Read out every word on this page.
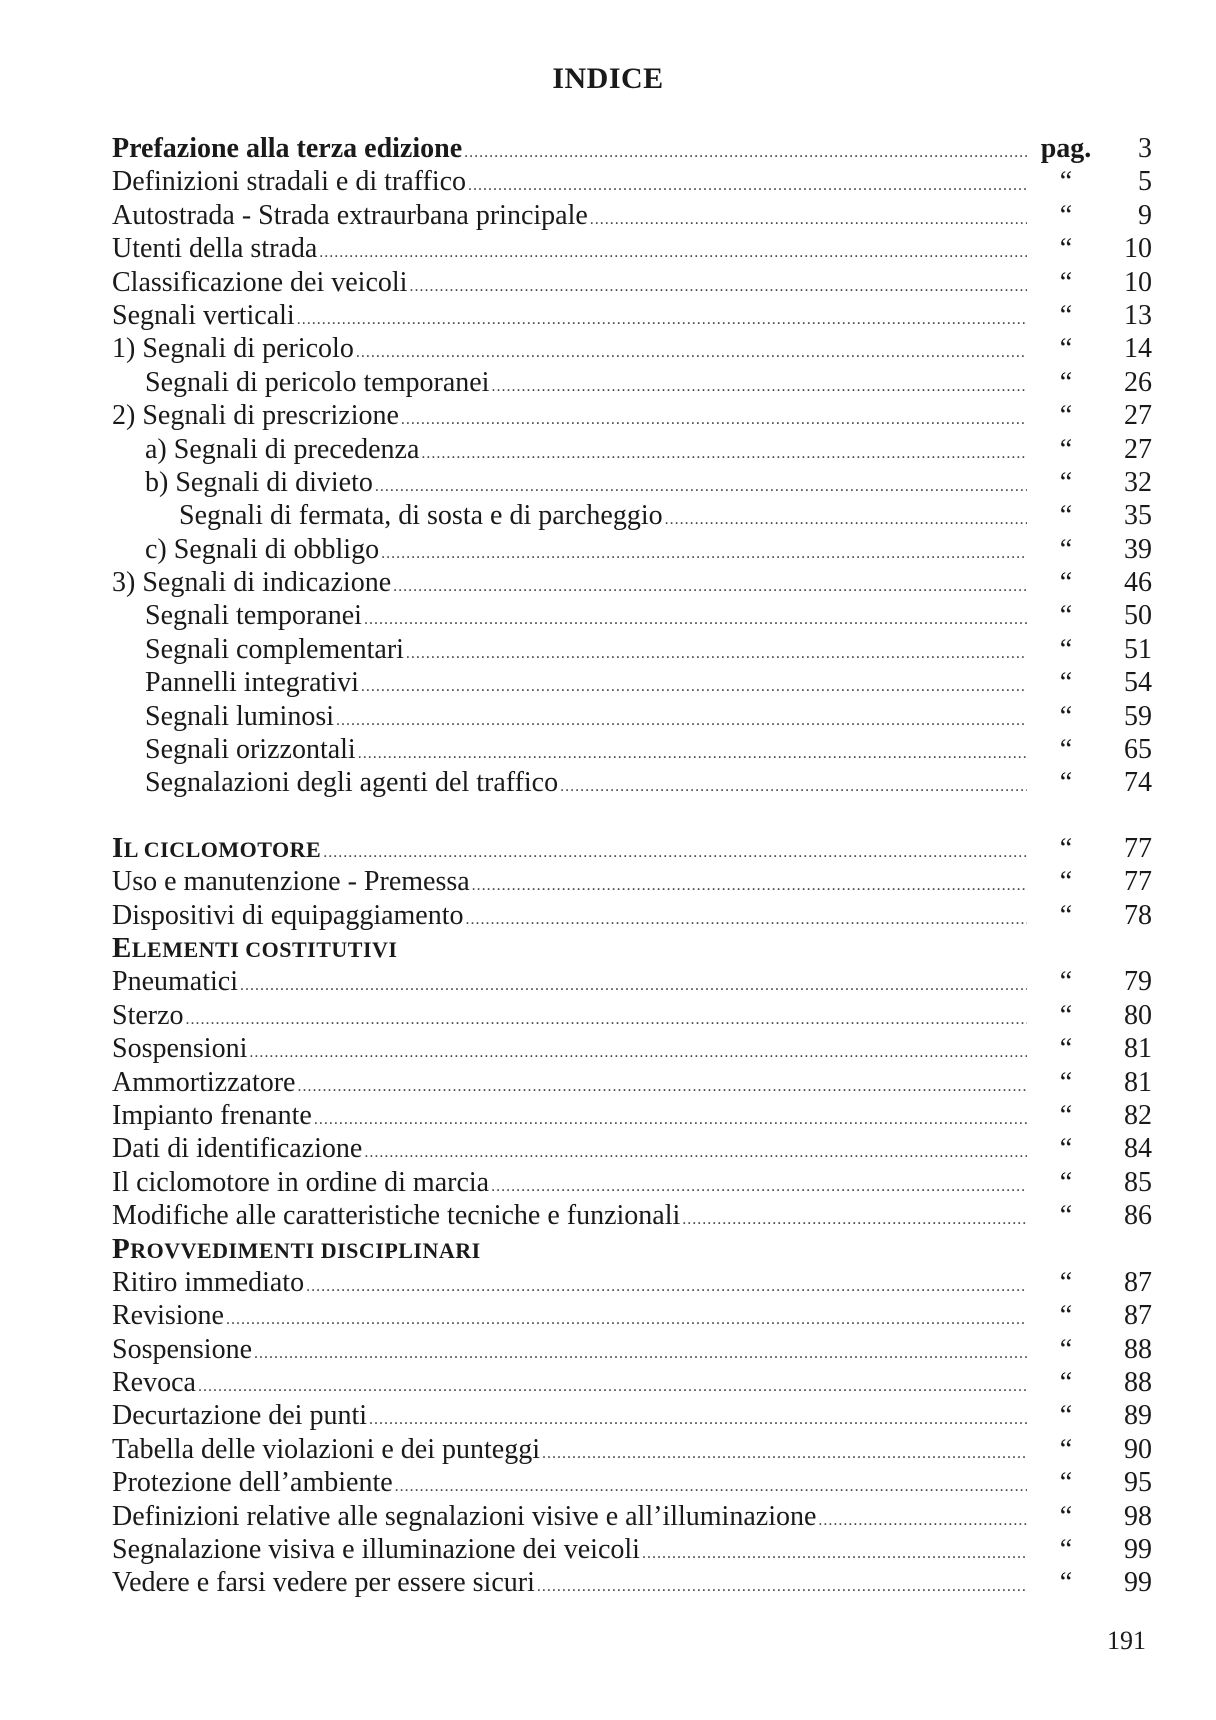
INDICE
Prefazione alla terza edizione .....	pag.	3
Definizioni stradali e di traffico .....	“	5
Autostrada - Strada extraurbana principale .....	“	9
Utenti della strada .....	“	10
Classificazione dei veicoli .....	“	10
Segnali verticali .....	“	13
1) Segnali di pericolo .....	“	14
Segnali di pericolo temporanei .....	“	26
2) Segnali di prescrizione .....	“	27
a) Segnali di precedenza .....	“	27
b) Segnali di divieto .....	“	32
Segnali di fermata, di sosta e di parcheggio .....	“	35
c) Segnali di obbligo .....	“	39
3) Segnali di indicazione .....	“	46
Segnali temporanei .....	“	50
Segnali complementari .....	“	51
Pannelli integrativi .....	“	54
Segnali luminosi .....	“	59
Segnali orizzontali .....	“	65
Segnalazioni degli agenti del traffico .....	“	74
IL CICLOMOTORE .....	“	77
Uso e manutenzione - Premessa .....	“	77
Dispositivi di equipaggiamento .....	“	78
ELEMENTI COSTITUTIVI
Pneumatici .....	“	79
Sterzo .....	“	80
Sospensioni .....	“	81
Ammortizzatore .....	“	81
Impianto frenante .....	“	82
Dati di identificazione .....	“	84
Il ciclomotore in ordine di marcia .....	“	85
Modifiche alle caratteristiche tecniche e funzionali .....	“	86
PROVVEDIMENTI DISCIPLINARI
Ritiro immediato .....	“	87
Revisione .....	“	87
Sospensione .....	“	88
Revoca .....	“	88
Decurtazione dei punti .....	“	89
Tabella delle violazioni e dei punteggi .....	“	90
Protezione dell’ambiente .....	“	95
Definizioni relative alle segnalazioni visive e all’illuminazione .....	“	98
Segnalazione visiva e illuminazione dei veicoli .....	“	99
Vedere e farsi vedere per essere sicuri .....	“	99
191
